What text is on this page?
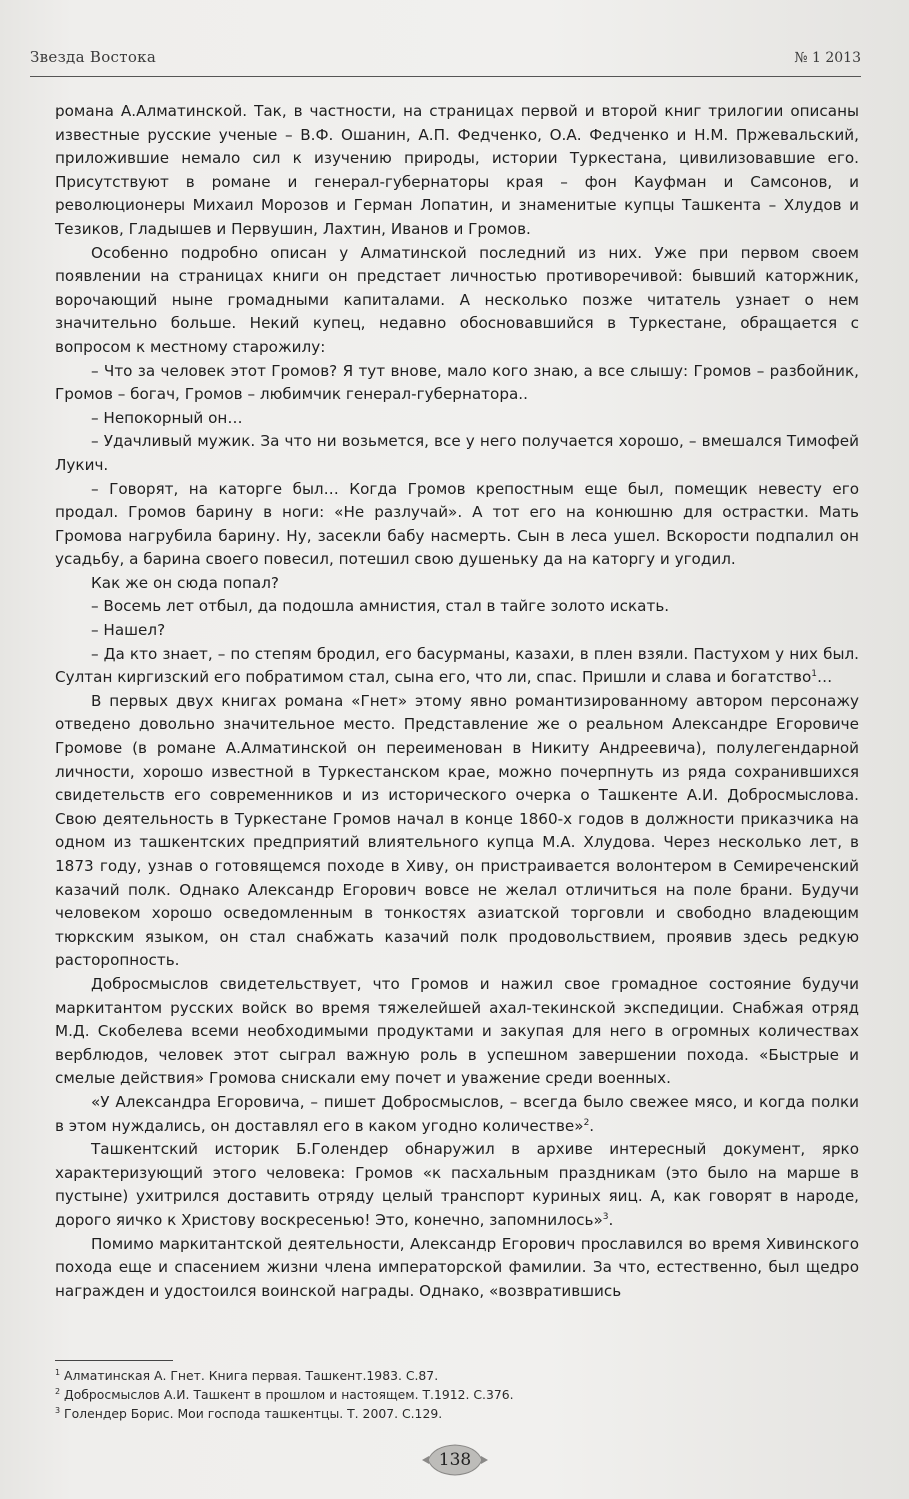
Звезда Востока	№ 1 2013

романа А.Алматинской. Так, в частности, на страницах первой и второй книг трилогии описаны известные русские ученые – В.Ф. Ошанин, А.П. Федченко, О.А. Федченко и Н.М. Пржевальский, приложившие немало сил к изучению природы, истории Туркестана, цивилизовавшие его. Присутствуют в романе и генерал-губернаторы края – фон Кауфман и Самсонов, и революционеры Михаил Морозов и Герман Лопатин, и знаменитые купцы Ташкента – Хлудов и Тезиков, Гладышев и Первушин, Лахтин, Иванов и Громов.

Особенно подробно описан у Алматинской последний из них. Уже при первом своем появлении на страницах книги он предстает личностью противоречивой: бывший каторжник, ворочающий ныне громадными капиталами. А несколько позже читатель узнает о нем значительно больше. Некий купец, недавно обосновавшийся в Туркестане, обращается с вопросом к местному старожилу:

– Что за человек этот Громов? Я тут внове, мало кого знаю, а все слышу: Громов – разбойник, Громов – богач, Громов – любимчик генерал-губернатора..

– Непокорный он…

– Удачливый мужик. За что ни возьмется, все у него получается хорошо, – вмешался Тимофей Лукич.

– Говорят, на каторге был… Когда Громов крепостным еще был, помещик невесту его продал. Громов барину в ноги: «Не разлучай». А тот его на конюшню для острастки. Мать Громова нагрубила барину. Ну, засекли бабу насмерть. Сын в леса ушел. Вскорости подпалил он усадьбу, а барина своего повесил, потешил свою душеньку да на каторгу и угодил.

Как же он сюда попал?

– Восемь лет отбыл, да подошла амнистия, стал в тайге золото искать.

– Нашел?

– Да кто знает, – по степям бродил, его басурманы, казахи, в плен взяли. Пастухом у них был. Султан киргизский его побратимом стал, сына его, что ли, спас. Пришли и слава и богатство$^1$…

В первых двух книгах романа «Гнет» этому явно романтизированному автором персонажу отведено довольно значительное место. Представление же о реальном Александре Егоровиче Громове (в романе А.Алматинской он переименован в Никиту Андреевича), полулегендарной личности, хорошо известной в Туркестанском крае, можно почерпнуть из ряда сохранившихся свидетельств его современников и из исторического очерка о Ташкенте А.И. Добросмыслова. Свою деятельность в Туркестане Громов начал в конце 1860-х годов в должности приказчика на одном из ташкентских предприятий влиятельного купца М.А. Хлудова. Через несколько лет, в 1873 году, узнав о готовящемся походе в Хиву, он пристраивается волонтером в Семиреченский казачий полк. Однако Александр Егорович вовсе не желал отличиться на поле брани. Будучи человеком хорошо осведомленным в тонкостях азиатской торговли и свободно владеющим тюркским языком, он стал снабжать казачий полк продовольствием, проявив здесь редкую расторопность.

Добросмыслов свидетельствует, что Громов и нажил свое громадное состояние будучи маркитантом русских войск во время тяжелейшей ахал-текинской экспедиции. Снабжая отряд М.Д. Скобелева всеми необходимыми продуктами и закупая для него в огромных количествах верблюдов, человек этот сыграл важную роль в успешном завершении похода. «Быстрые и смелые действия» Громова снискали ему почет и уважение среди военных.

«У Александра Егоровича, – пишет Добросмыслов, – всегда было свежее мясо, и когда полки в этом нуждались, он доставлял его в каком угодно количестве»$^2$.

Ташкентский историк Б.Голендер обнаружил в архиве интересный документ, ярко характеризующий этого человека: Громов «к пасхальным праздникам (это было на марше в пустыне) ухитрился доставить отряду целый транспорт куриных яиц. А, как говорят в народе, дорого яичко к Христову воскресенью! Это, конечно, запомнилось»$^3$.

Помимо маркитантской деятельности, Александр Егорович прославился во время Хивинского похода еще и спасением жизни члена императорской фамилии. За что, естественно, был щедро награжден и удостоился воинской награды. Однако, «возвратившись

$^1$ Алматинская А. Гнет. Книга первая. Ташкент.1983. С.87.
$^2$ Добросмыслов А.И. Ташкент в прошлом и настоящем. Т.1912. С.376.
$^3$ Голендер Борис. Мои господа ташкентцы. Т. 2007. С.129.
138
